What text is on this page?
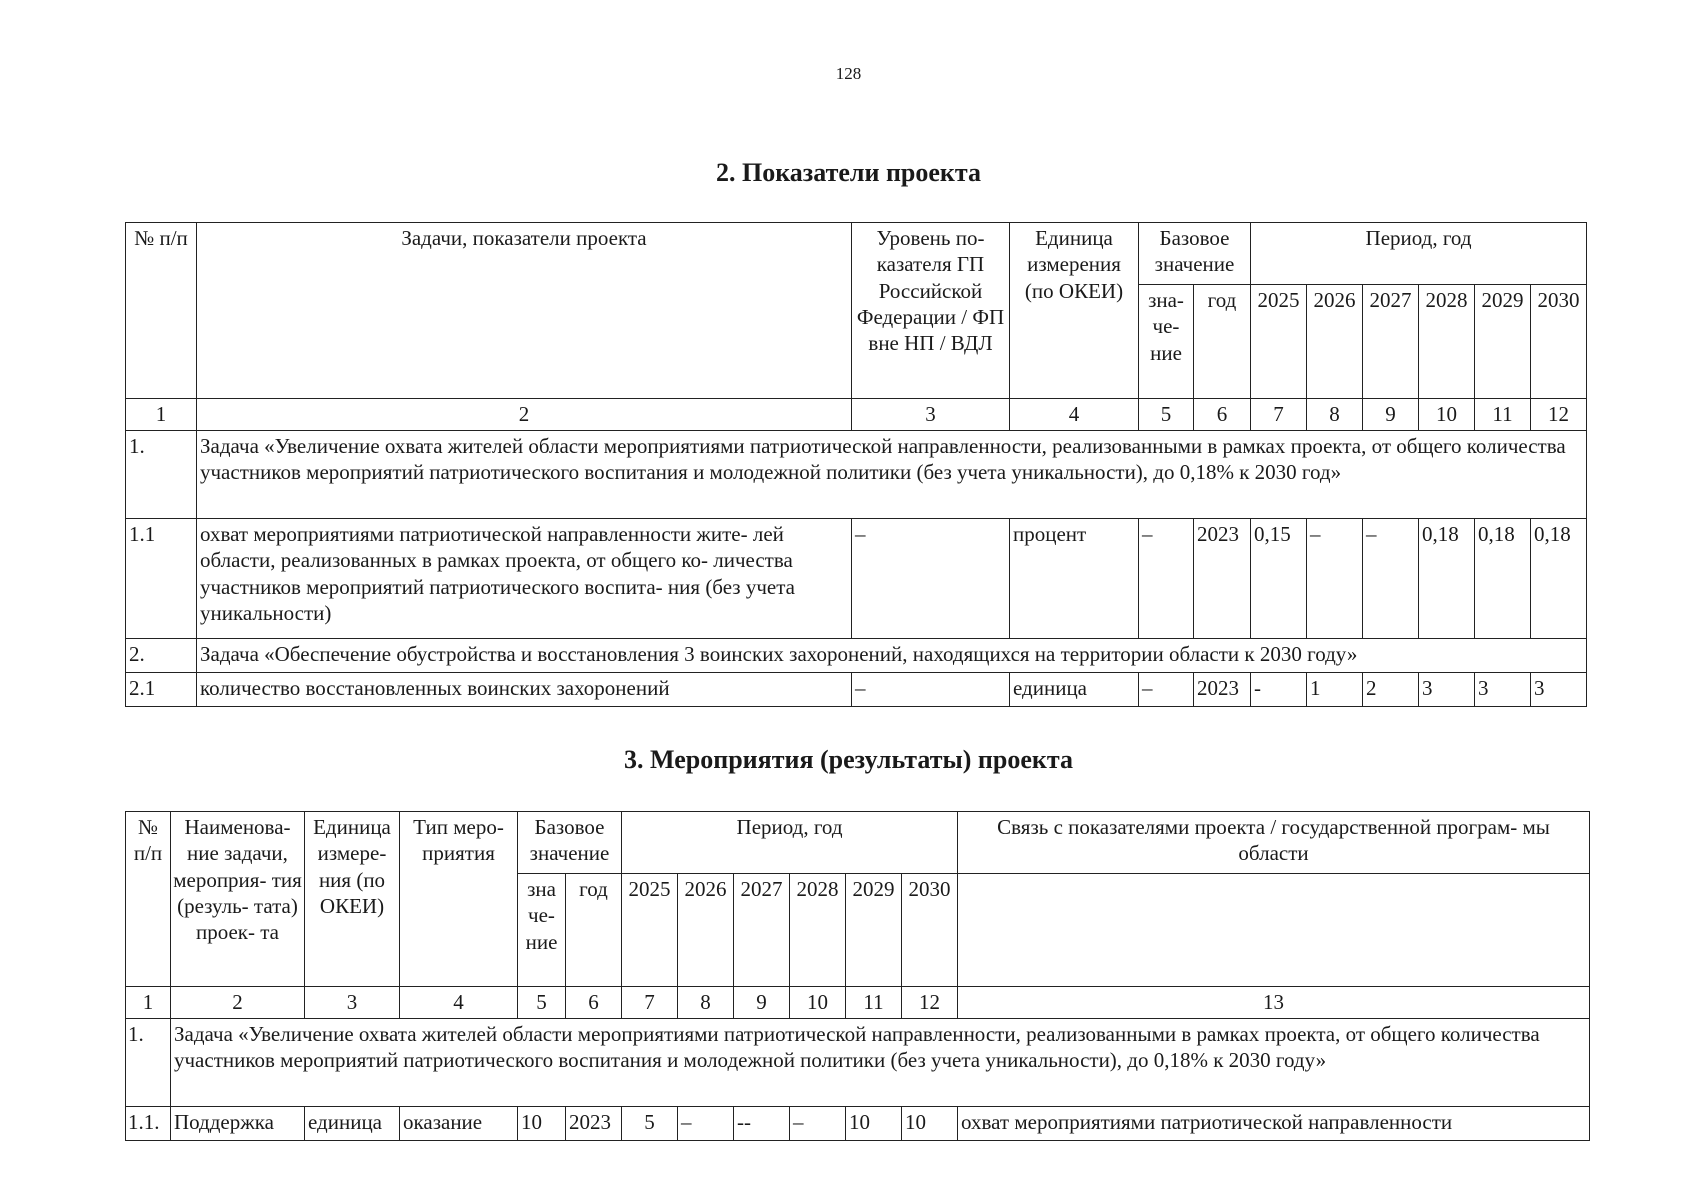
128
2. Показатели проекта
№ п/п	Задачи, показатели проекта	Уровень по- казателя ГП Российской Федерации / ФП вне НП / ВДЛ	Единица измерения (по ОКЕИ)	Базовое значение		Период, год					
				зна- че- ние	год	2025	2026	2027	2028	2029	2030
1	2	3	4	5	6	7	8	9	10	11	12
1.	Задача «Увеличение охвата жителей области мероприятиями патриотической направленности, реализованными в рамках проекта, от общего количества участников мероприятий патриотического воспитания и молодежной политики (без учета уникальности), до 0,18% к 2030 год»										
1.1	охват мероприятиями патриотической направленности жите- лей области, реализованных в рамках проекта, от общего ко- личества участников мероприятий патриотического воспита- ния (без учета уникальности)	–	процент	–	2023	0,15	–	–	0,18	0,18	0,18
2.	Задача «Обеспечение обустройства и восстановления 3 воинских захоронений, находящихся на территории области к 2030 году»										
2.1	количество восстановленных воинских захоронений	–	единица	–	2023	-	1	2	3	3	3
3. Мероприятия (результаты) проекта
№ п/п	Наименова- ние задачи, мероприя- тия (резуль- тата) проек- та	Единица измере- ния (по ОКЕИ)	Тип меро- приятия	Базовое значение		Период, год						Связь с показателями проекта / государственной програм- мы области
				зна че- ние	год	2025	2026	2027	2028	2029	2030	
1	2	3	4	5	6	7	8	9	10	11	12	13
1.	Задача «Увеличение охвата жителей области мероприятиями патриотической направленности, реализованными в рамках проекта, от общего количества участников мероприятий патриотического воспитания и молодежной политики (без учета уникальности), до 0,18% к 2030 году»											
1.1.	Поддержка	единица	оказание	10	2023	5	–	--	–	10	10	охват мероприятиями патриотической направленности
